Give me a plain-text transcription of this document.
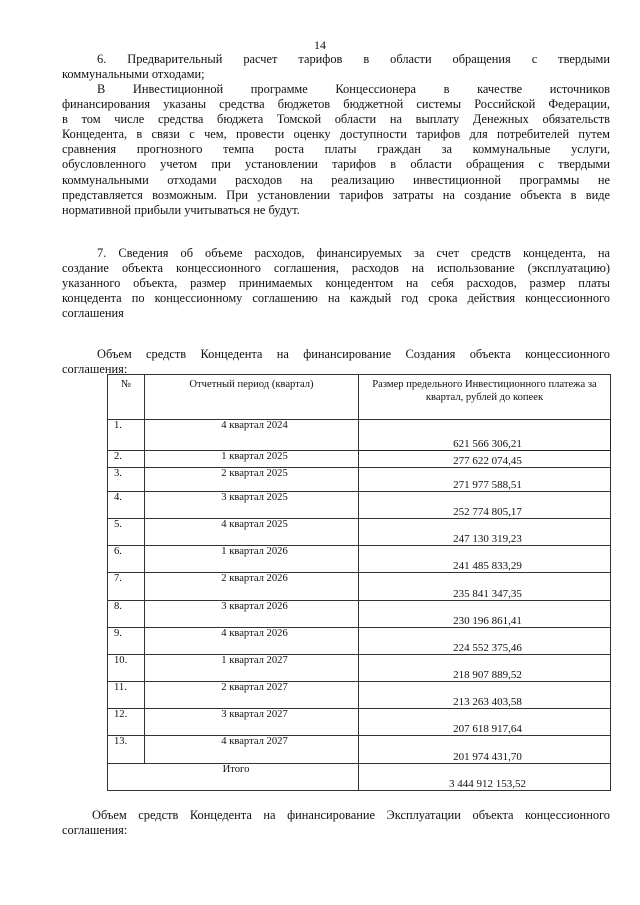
14

6. Предварительный расчет тарифов в области обращения с твердыми
коммунальными отходами;

В Инвестиционной программе Концессионера в качестве источников
финансирования указаны средства бюджетов бюджетной системы Российской Федерации,
в том числе средства бюджета Томской области на выплату Денежных обязательств
Концедента, в связи с чем, провести оценку доступности тарифов для потребителей путем
сравнения прогнозного темпа роста платы граждан за коммунальные услуги,
обусловленного учетом при установлении тарифов в области обращения с твердыми
коммунальными отходами расходов на реализацию инвестиционной программы не
представляется возможным. При установлении тарифов затраты на создание объекта в виде
нормативной прибыли учитываться не будут.

7. Сведения об объеме расходов, финансируемых за счет средств концедента, на
создание объекта концессионного соглашения, расходов на использование (эксплуатацию)
указанного объекта, размер принимаемых концедентом на себя расходов, размер платы
концедента по концессионному соглашению на каждый год срока действия концессионного
соглашения

Объем средств Концедента на финансирование Создания объекта концессионного
соглашения:

№	Отчетный период (квартал)	Размер предельного Инвестиционного платежа за квартал, рублей до копеек
1.	4 квартал 2024	621 566 306,21
2.	1 квартал 2025	277 622 074,45
3.	2 квартал 2025	271 977 588,51
4.	3 квартал 2025	252 774 805,17
5.	4 квартал 2025	247 130 319,23
6.	1 квартал 2026	241 485 833,29
7.	2 квартал 2026	235 841 347,35
8.	3 квартал 2026	230 196 861,41
9.	4 квартал 2026	224 552 375,46
10.	1 квартал 2027	218 907 889,52
11.	2 квартал 2027	213 263 403,58
12.	3 квартал 2027	207 618 917,64
13.	4 квартал 2027	201 974 431,70
Итого		3 444 912 153,52

Объем средств Концедента на финансирование Эксплуатации объекта концессионного
соглашения:
